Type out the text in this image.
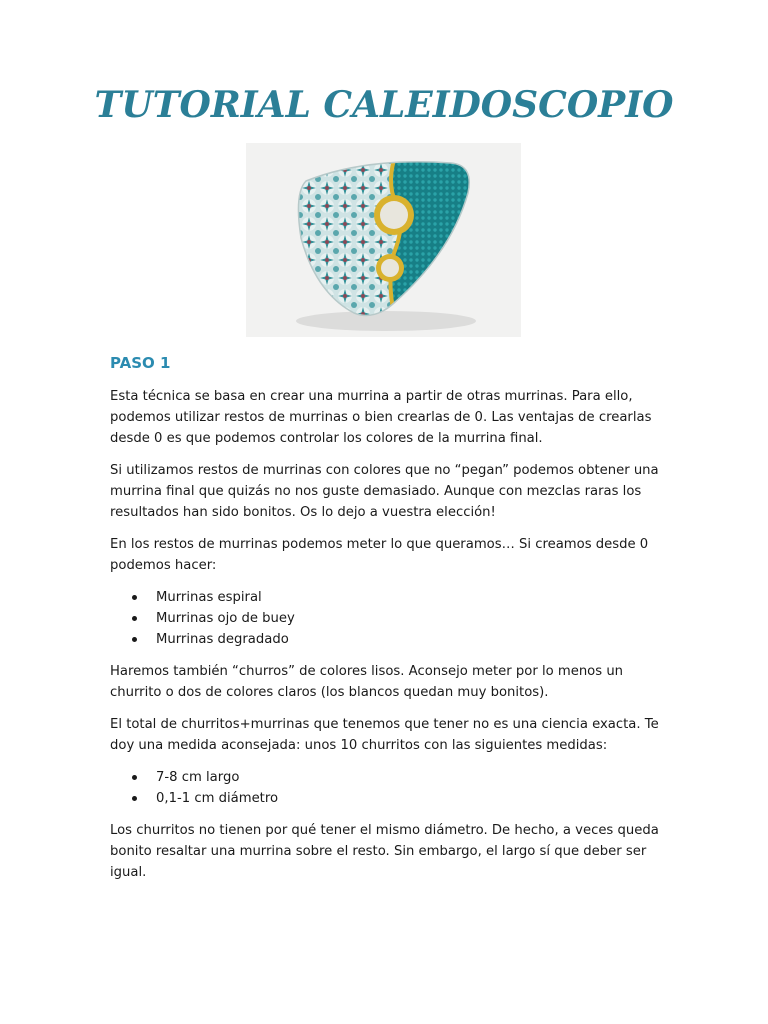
TUTORIAL CALEIDOSCOPIO
PASO 1

Esta técnica se basa en crear una murrina a partir de otras murrinas. Para ello, podemos utilizar restos de murrinas o bien crearlas de 0. Las ventajas de crearlas desde 0 es que podemos controlar los colores de la murrina final.

Si utilizamos restos de murrinas con colores que no “pegan” podemos obtener una murrina final que quizás no nos guste demasiado. Aunque con mezclas raras los resultados han sido bonitos. Os lo dejo a vuestra elección!

En los restos de murrinas podemos meter lo que queramos… Si creamos desde 0 podemos hacer:

Murrinas espiral
Murrinas ojo de buey
Murrinas degradado

Haremos también “churros” de colores lisos. Aconsejo meter por lo menos un churrito o dos de colores claros (los blancos quedan muy bonitos).

El total de churritos+murrinas que tenemos que tener no es una ciencia exacta. Te doy una medida aconsejada: unos 10 churritos con las siguientes medidas:

7-8 cm largo
0,1-1 cm diámetro

Los churritos no tienen por qué tener el mismo diámetro. De hecho, a veces queda bonito resaltar una murrina sobre el resto. Sin embargo, el largo sí que deber ser igual.
